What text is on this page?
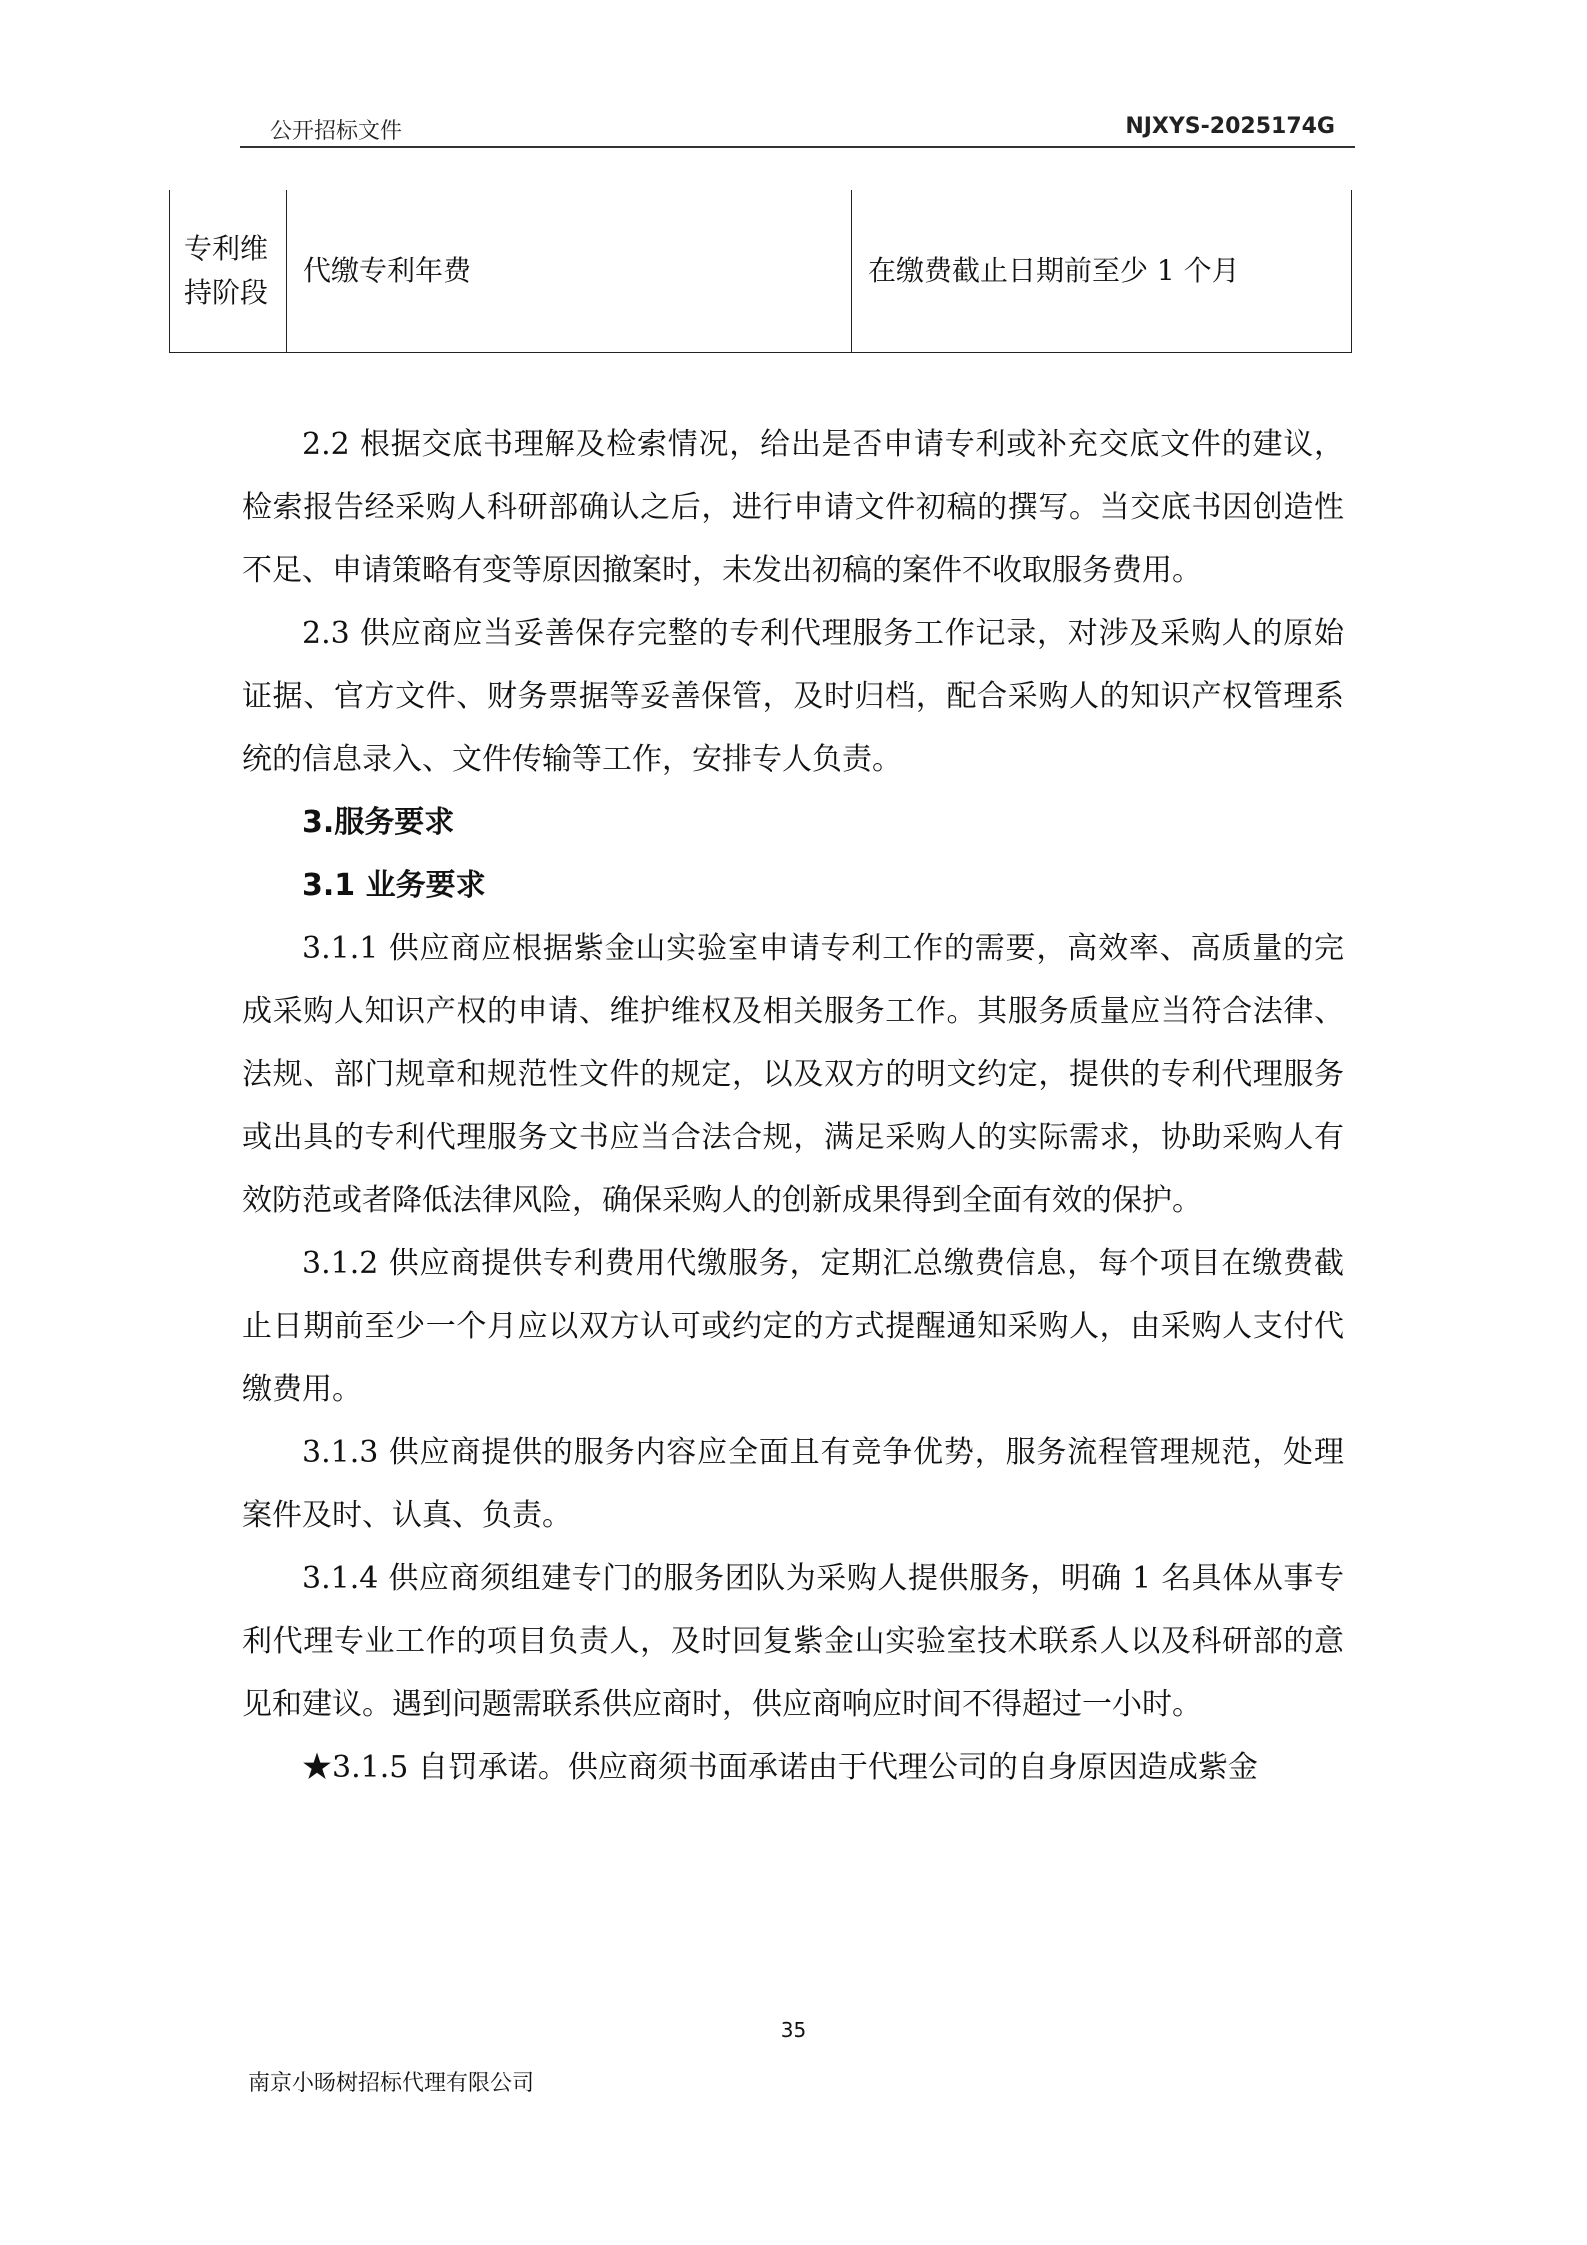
公开招标文件	NJXYS-2025174G
专利维持阶段	代缴专利年费	在缴费截止日期前至少 1 个月

2.2 根据交底书理解及检索情况，给出是否申请专利或补充交底文件的建议，检索报告经采购人科研部确认之后，进行申请文件初稿的撰写。当交底书因创造性不足、申请策略有变等原因撤案时，未发出初稿的案件不收取服务费用。

2.3 供应商应当妥善保存完整的专利代理服务工作记录，对涉及采购人的原始证据、官方文件、财务票据等妥善保管，及时归档，配合采购人的知识产权管理系统的信息录入、文件传输等工作，安排专人负责。

3.服务要求

3.1 业务要求

3.1.1 供应商应根据紫金山实验室申请专利工作的需要，高效率、高质量的完成采购人知识产权的申请、维护维权及相关服务工作。其服务质量应当符合法律、法规、部门规章和规范性文件的规定，以及双方的明文约定，提供的专利代理服务或出具的专利代理服务文书应当合法合规，满足采购人的实际需求，协助采购人有效防范或者降低法律风险，确保采购人的创新成果得到全面有效的保护。

3.1.2 供应商提供专利费用代缴服务，定期汇总缴费信息，每个项目在缴费截止日期前至少一个月应以双方认可或约定的方式提醒通知采购人，由采购人支付代缴费用。

3.1.3 供应商提供的服务内容应全面且有竞争优势，服务流程管理规范，处理案件及时、认真、负责。

3.1.4 供应商须组建专门的服务团队为采购人提供服务，明确 1 名具体从事专利代理专业工作的项目负责人，及时回复紫金山实验室技术联系人以及科研部的意见和建议。遇到问题需联系供应商时，供应商响应时间不得超过一小时。

★3.1.5 自罚承诺。供应商须书面承诺由于代理公司的自身原因造成紫金

35
南京小旸树招标代理有限公司
